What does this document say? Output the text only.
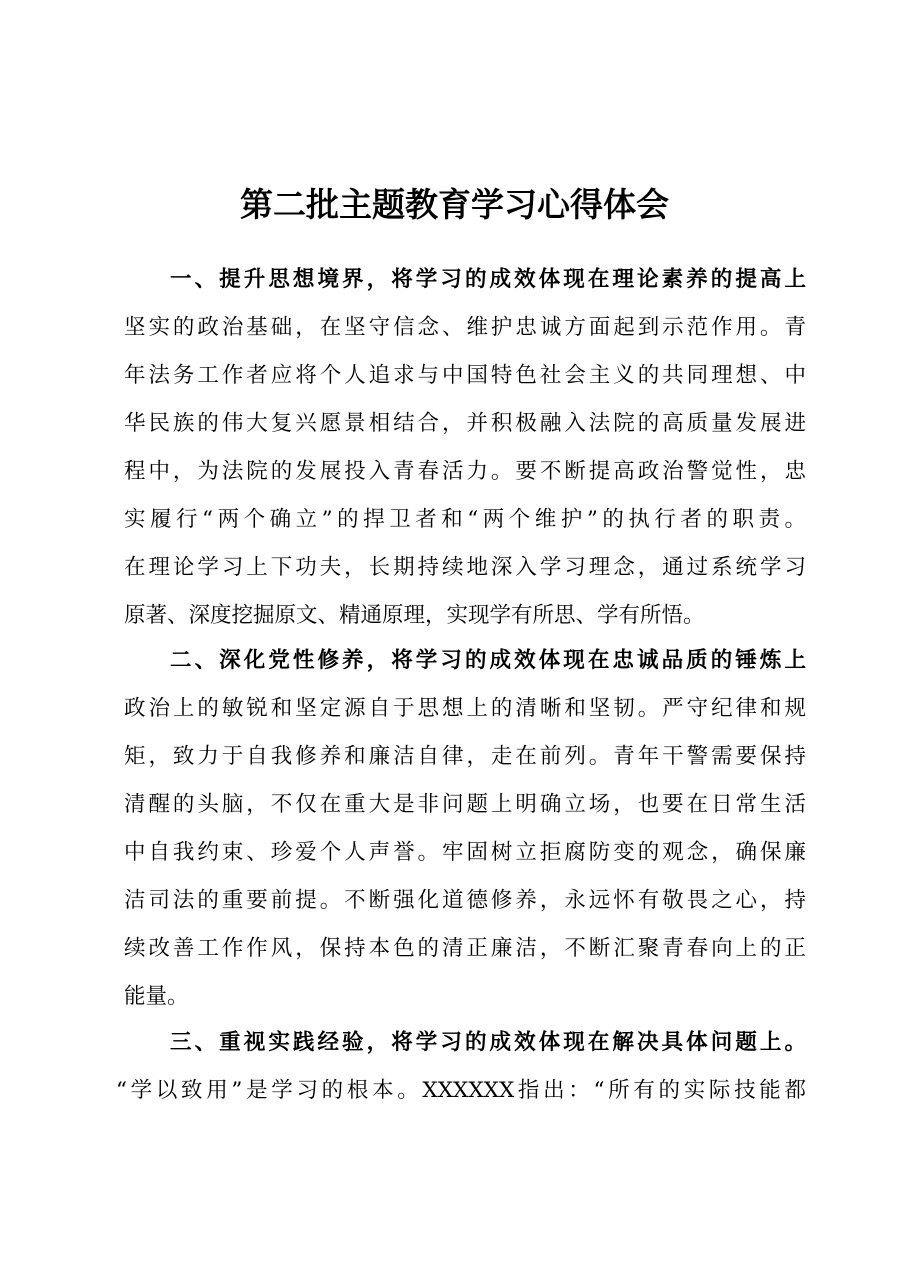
第二批主题教育学习心得体会
一、提升思想境界，将学习的成效体现在理论素养的提高上
坚实的政治基础，在坚守信念、维护忠诚方面起到示范作用。青
年法务工作者应将个人追求与中国特色社会主义的共同理想、中
华民族的伟大复兴愿景相结合，并积极融入法院的高质量发展进
程中，为法院的发展投入青春活力。要不断提高政治警觉性，忠
实履行“两个确立”的捍卫者和“两个维护”的执行者的职责。
在理论学习上下功夫，长期持续地深入学习理念，通过系统学习
原著、深度挖掘原文、精通原理，实现学有所思、学有所悟。
二、深化党性修养，将学习的成效体现在忠诚品质的锤炼上
政治上的敏锐和坚定源自于思想上的清晰和坚韧。严守纪律和规
矩，致力于自我修养和廉洁自律，走在前列。青年干警需要保持
清醒的头脑，不仅在重大是非问题上明确立场，也要在日常生活
中自我约束、珍爱个人声誉。牢固树立拒腐防变的观念，确保廉
洁司法的重要前提。不断强化道德修养，永远怀有敬畏之心，持
续改善工作作风，保持本色的清正廉洁，不断汇聚青春向上的正
能量。
三、重视实践经验，将学习的成效体现在解决具体问题上。
“学以致用”是学习的根本。XXXXXX指出：“所有的实际技能都
